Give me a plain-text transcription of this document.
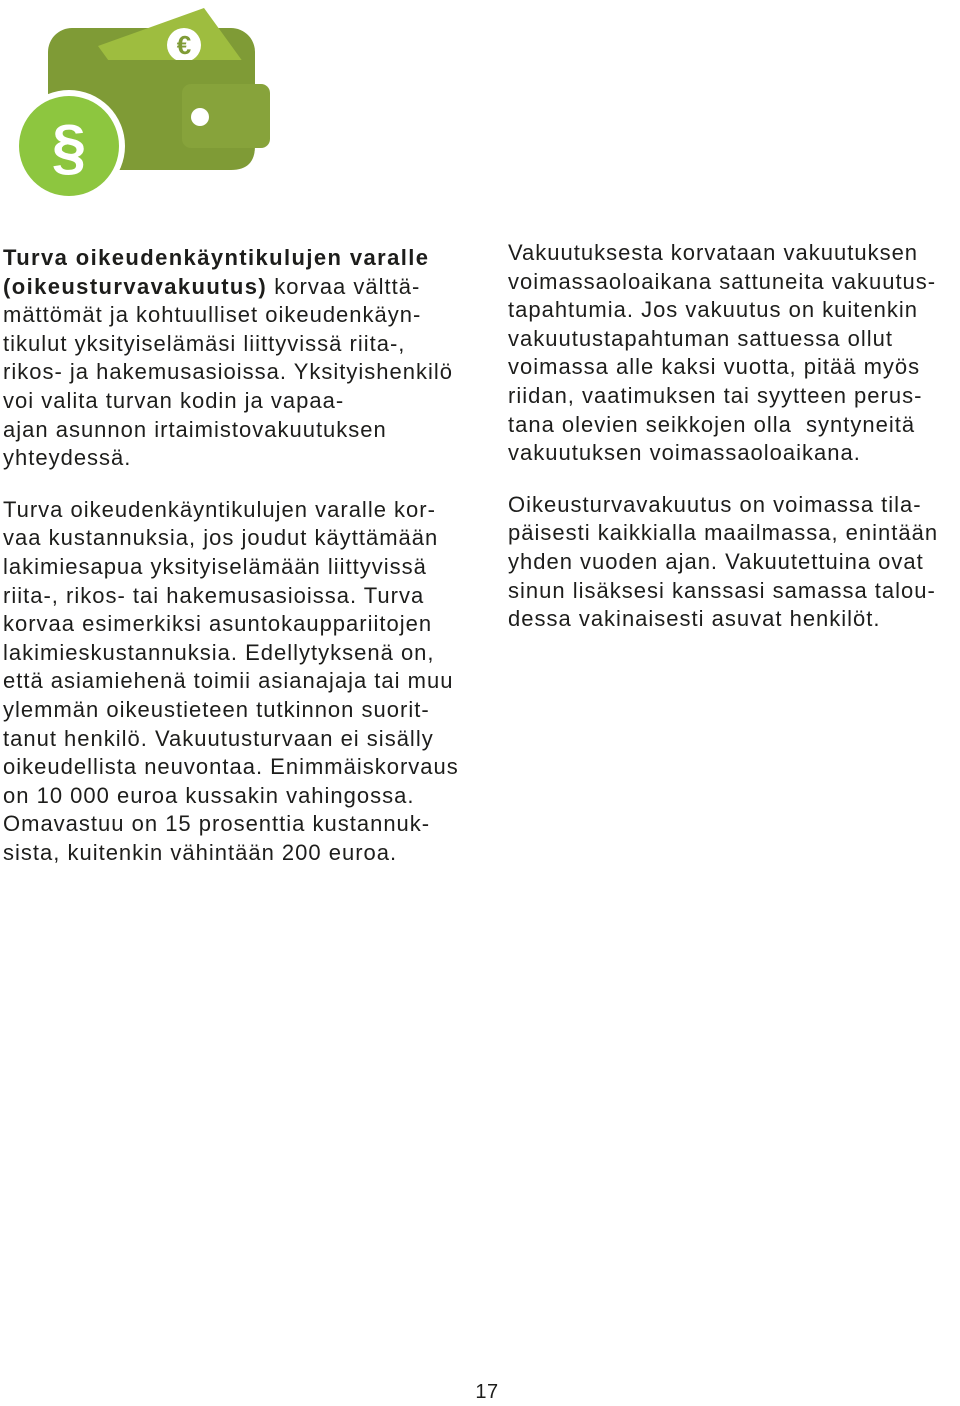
€
§
Turva oikeudenkäyntikulujen varalle
(oikeusturvavakuutus) korvaa välttä-
mättömät ja kohtuulliset oikeudenkäyn-
tikulut yksityiselämäsi liittyvissä riita-,
rikos- ja hakemusasioissa. Yksityishenkilö
voi valita turvan kodin ja vapaa-
ajan asunnon irtaimistovakuutuksen
yhteydessä.
Turva oikeudenkäyntikulujen varalle kor-
vaa kustannuksia, jos joudut käyttämään
lakimiesapua yksityiselämään liittyvissä
riita-, rikos- tai hakemusasioissa. Turva
korvaa esimerkiksi asuntokauppariitojen
lakimieskustannuksia. Edellytyksenä on,
että asiamiehenä toimii asianajaja tai muu
ylemmän oikeustieteen tutkinnon suorit-
tanut henkilö. Vakuutusturvaan ei sisälly
oikeudellista neuvontaa. Enimmäiskorvaus
on 10 000 euroa kussakin vahingossa.
Omavastuu on 15 prosenttia kustannuk-
sista, kuitenkin vähintään 200 euroa.
Vakuutuksesta korvataan vakuutuksen
voimassaoloaikana sattuneita vakuutus-
tapahtumia. Jos vakuutus on kuitenkin
vakuutustapahtuman sattuessa ollut
voimassa alle kaksi vuotta, pitää myös
riidan, vaatimuksen tai syytteen perus-
tana olevien seikkojen olla  syntyneitä
vakuutuksen voimassaoloaikana.
Oikeusturvavakuutus on voimassa tila-
päisesti kaikkialla maailmassa, enintään
yhden vuoden ajan. Vakuutettuina ovat
sinun lisäksesi kanssasi samassa talou-
dessa vakinaisesti asuvat henkilöt.
17
